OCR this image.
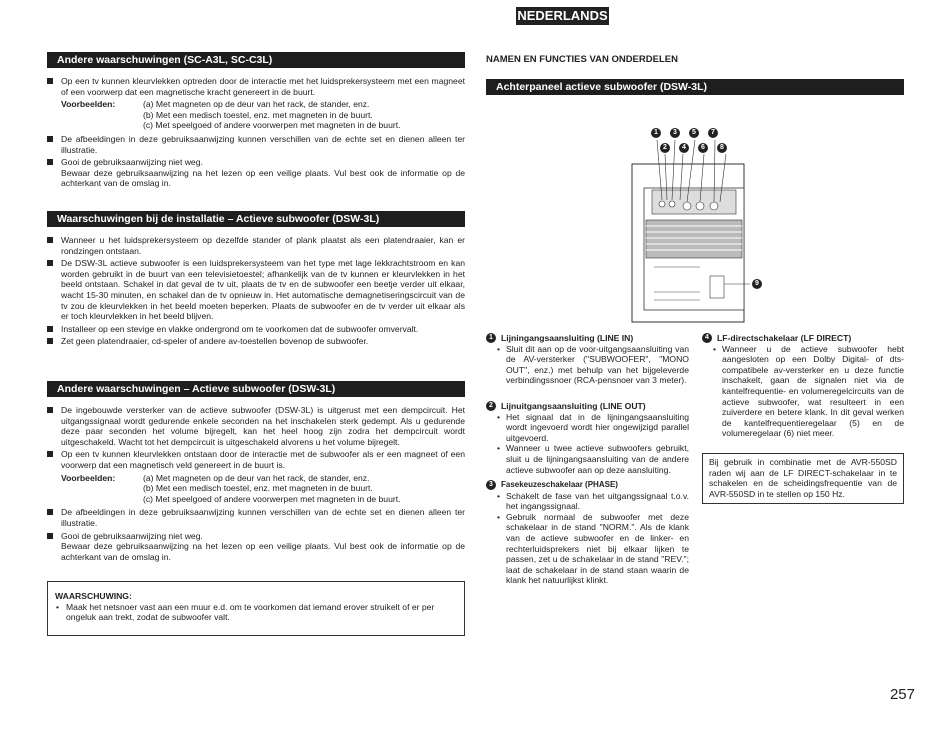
NEDERLANDS
Andere waarschuwingen (SC-A3L, SC-C3L)
Op een tv kunnen kleurvlekken optreden door de interactie met het luidsprekersysteem met een magneet of een voorwerp dat een magnetische kracht genereert in de buurt.
Voorbeelden:	(a) Met magneten op de deur van het rack, de stander, enz.
(b) Met een medisch toestel, enz. met magneten in de buurt.
(c) Met speelgoed of andere voorwerpen met magneten in de buurt.
De afbeeldingen in deze gebruiksaanwijzing kunnen verschillen van de echte set en dienen alleen ter illustratie.
Gooi de gebruiksaanwijzing niet weg.
Bewaar deze gebruiksaanwijzing na het lezen op een veilige plaats. Vul best ook de informatie op de achterkant van de omslag in.
Waarschuwingen bij de installatie – Actieve subwoofer (DSW-3L)
Wanneer u het luidsprekersysteem op dezelfde stander of plank plaatst als een platendraaier, kan er rondzingen ontstaan.
De DSW-3L actieve subwoofer is een luidsprekersysteem van het type met lage lekkrachtstroom en kan worden gebruikt in de buurt van een televisietoestel; afhankelijk van de tv kunnen er kleurvlekken in het beeld ontstaan. Schakel in dat geval de tv uit, plaats de tv en de subwoofer een beetje verder uit elkaar, wacht 15-30 minuten, en schakel dan de tv opnieuw in. Het automatische demagnetiseringscircuit van de tv zou de kleurvlekken in het beeld moeten beperken. Plaats de subwoofer en de tv verder uit elkaar als er toch kleurvlekken in het beeld blijven.
Installeer op een stevige en vlakke ondergrond om te voorkomen dat de subwoofer omvervalt.
Zet geen platendraaier, cd-speler of andere av-toestellen bovenop de subwoofer.
Andere waarschuwingen – Actieve subwoofer (DSW-3L)
De ingebouwde versterker van de actieve subwoofer (DSW-3L) is uitgerust met een dempcircuit. Het uitgangssignaal wordt gedurende enkele seconden na het inschakelen sterk gedempt. Als u gedurende deze paar seconden het volume bijregelt, kan het heel hoog zijn zodra het dempcircuit wordt uitgeschakeld. Wacht tot het dempcircuit is uitgeschakeld alvorens u het volume bijregelt.
Op een tv kunnen kleurvlekken ontstaan door de interactie met de subwoofer als er een magneet of een voorwerp dat een magnetisch veld genereert in de buurt is.
Voorbeelden:	(a) Met magneten op de deur van het rack, de stander, enz.
(b) Met een medisch toestel, enz. met magneten in de buurt.
(c) Met speelgoed of andere voorwerpen met magneten in de buurt.
De afbeeldingen in deze gebruiksaanwijzing kunnen verschillen van de echte set en dienen alleen ter illustratie.
Gooi de gebruiksaanwijzing niet weg.
Bewaar deze gebruiksaanwijzing na het lezen op een veilige plaats. Vul best ook de informatie op de achterkant van de omslag in.
WAARSCHUWING:
• Maak het netsnoer vast aan een muur e.d. om te voorkomen dat iemand erover struikelt of er per ongeluk aan trekt, zodat de subwoofer valt.
NAMEN EN FUNCTIES VAN ONDERDELEN
Achterpaneel actieve subwoofer (DSW-3L)
1	3	5	7
2	4	6	8
9
1 Lijningangsaansluiting (LINE IN)
• Sluit dit aan op de voor-uitgangsaansluiting van de AV-versterker ("SUBWOOFER", "MONO OUT", enz.) met behulp van het bijgeleverde verbindingssnoer (RCA-pensnoer van 3 meter).
2 Lijnuitgangsaansluiting (LINE OUT)
• Het signaal dat in de lijningangsaansluiting wordt ingevoerd wordt hier ongewijzigd parallel uitgevoerd.
• Wanneer u twee actieve subwoofers gebruikt, sluit u de lijningangsaansluiting van de andere actieve subwoofer aan op deze aansluiting.
3	Fasekeuzeschakelaar (PHASE)
• Schakelt de fase van het uitgangssignaal t.o.v. het ingangssignaal.
• Gebruik normaal de subwoofer met deze schakelaar in de stand "NORM.". Als de klank van de actieve subwoofer en de linker- en rechterluidsprekers niet bij elkaar lijken te passen, zet u de schakelaar in de stand "REV."; laat de schakelaar in de stand staan waarin de klank het natuurlijkst klinkt.
4 LF-directschakelaar (LF DIRECT)
• Wanneer u de actieve subwoofer hebt aangesloten op een Dolby Digital- of dts-compatibele av-versterker en u deze functie inschakelt, gaan de signalen niet via de kantelfrequentie- en volumeregelcircuits van de actieve subwoofer, wat resulteert in een zuiverdere en betere klank. In dit geval werken de kantelfrequentieregelaar (5) en de volumeregelaar (6) niet meer.
Bij gebruik in combinatie met de AVR-550SD raden wij aan de LF DIRECT-schakelaar in te schakelen en de scheidingsfrequentie van de AVR-550SD in te stellen op 150 Hz.
257
